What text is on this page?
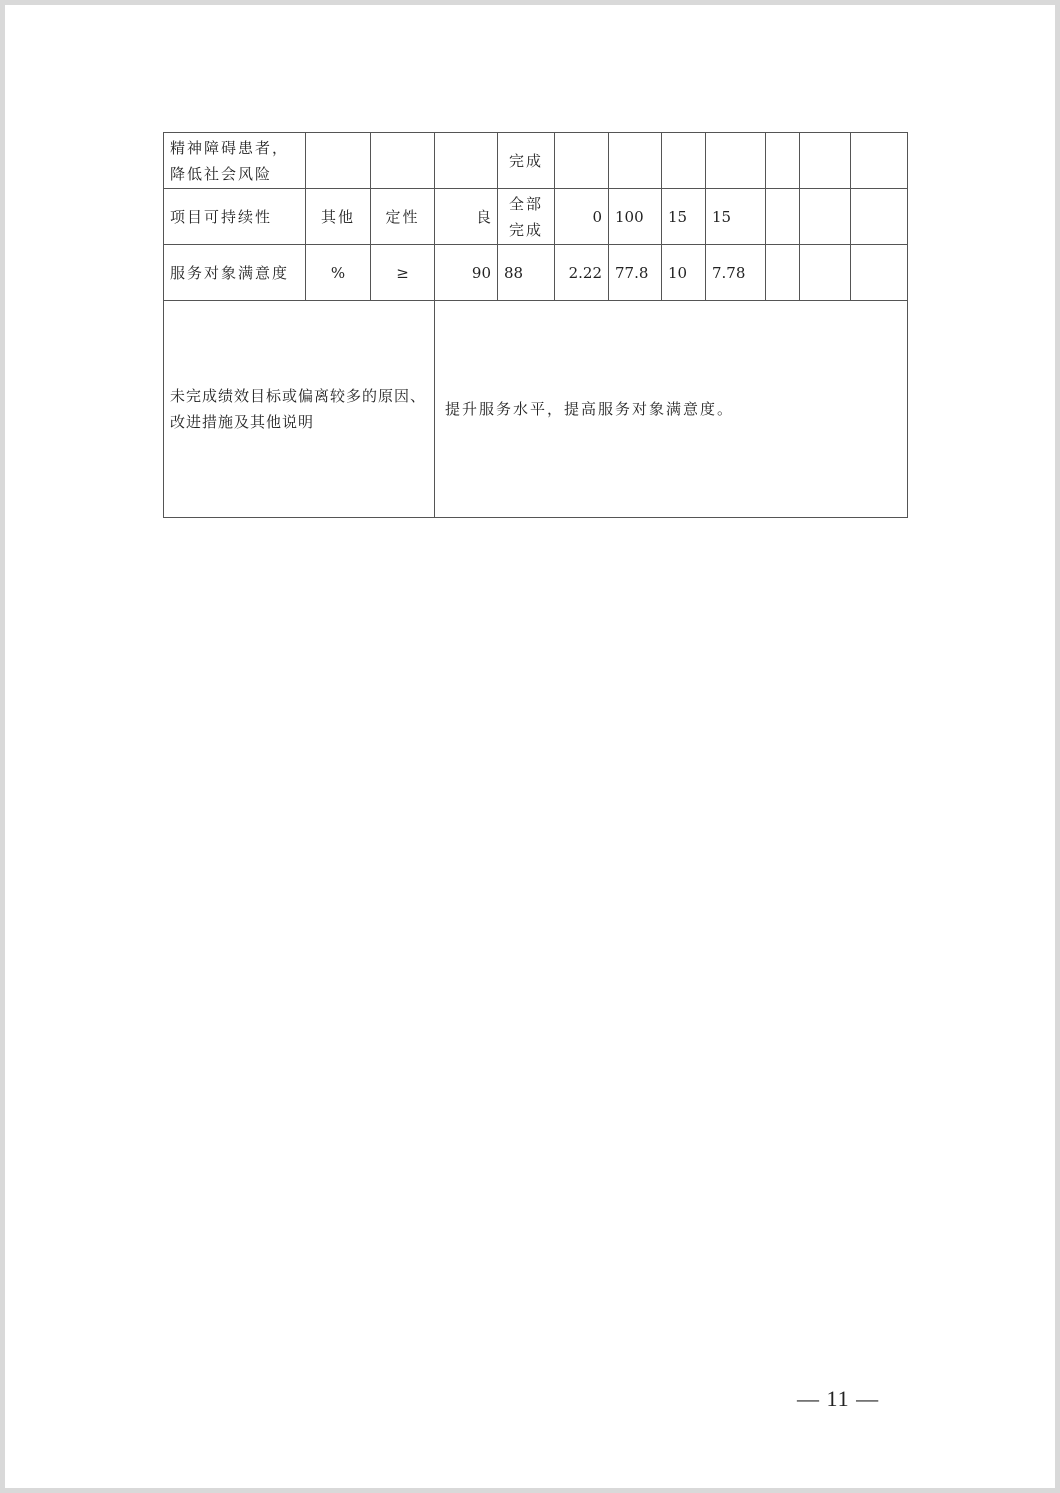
精神障碍患者，降低社会风险				完成							
项目可持续性	其他	定性	良	全部完成	0	100	15	15			
服务对象满意度	%	≥	90	88	2.22	77.8	10	7.78			
未完成绩效目标或偏离较多的原因、改进措施及其他说明			提升服务水平，提高服务对象满意度。								
— 11 —
